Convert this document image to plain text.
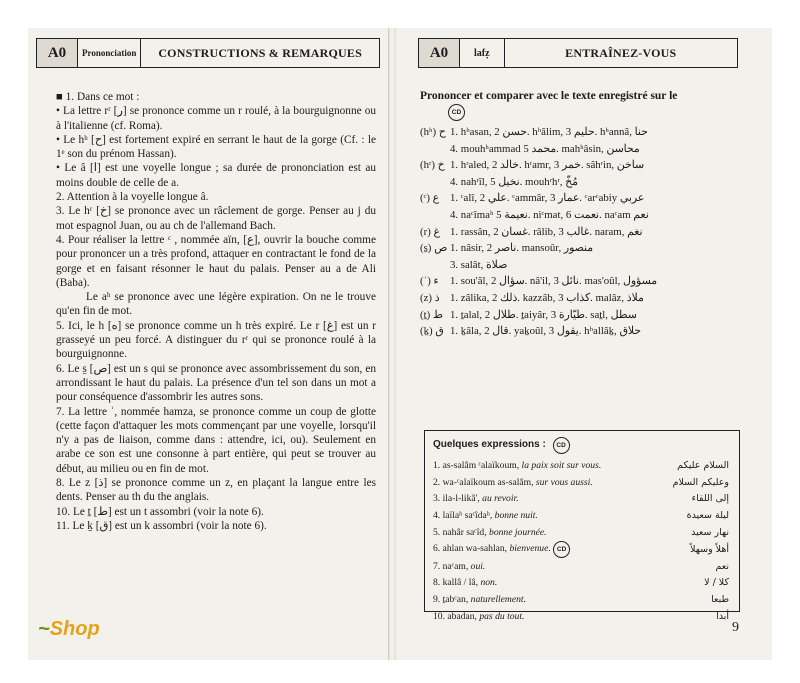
A0	Prononciation	CONSTRUCTIONS & REMARQUES

■ 1. Dans ce mot :

• La lettre rʳ [ر] se prononce comme un r roulé, à la bourguignonne ou à l'italienne (cf. Roma).

• Le hʰ [ح] est fortement expiré en serrant le haut de la gorge (Cf. : le 1ᵉ son du prénom Hassan).

• Le â [ا] est une voyelle longue ; sa durée de prononciation est au moins double de celle de a.

2. Attention à la voyelle longue â.

3. Le hʳ [خ] se prononce avec un râclement de gorge. Penser au j du mot espagnol Juan, ou au ch de l'allemand Bach.

4. Pour réaliser la lettre ᶜ , nommée aïn, [ع], ouvrir la bouche comme pour prononcer un a très profond, attaquer en contractant le fond de la gorge et en faisant résonner le haut du palais. Penser au a de Ali (Baba).

Le aʰ se prononce avec une légère expiration. On ne le trouve qu'en fin de mot.

5. Ici, le h [ه] se prononce comme un h très expiré. Le r [غ] est un r grasseyé un peu forcé. A distinguer du rʳ qui se prononce roulé à la bourguignonne.

6. Le s̱ [ص] est un s qui se prononce avec assombrissement du son, en arrondissant le haut du palais. La présence d'un tel son dans un mot a pour conséquence d'assombrir les autres sons.

7. La lettre ʾ, nommée hamza, se prononce comme un coup de glotte (cette façon d'attaquer les mots commençant par une voyelle, lorsqu'il n'y a pas de liaison, comme dans : attendre, ici, ou). Seulement en arabe ce son est une consonne à part entière, qui peut se trouver au début, au milieu ou en fin de mot.

8. Le z [ذ] se prononce comme un z, en plaçant la langue entre les dents. Penser au th du the anglais.

10. Le ṯ [ط] est un t assombri (voir la note 6).

11. Le ḵ [ق] est un k assombri (voir la note 6).

A0	lafẓ	ENTRAÎNEZ-VOUS
Prononcer et comparer avec le texte enregistré sur le
CD
(hʰ) ح 1. hʰasan, حسن 2. hʰâlim, حليم 3. hʰannâ, حنا
4. mouhʰammad محمد 5. mahʰâsin, محاسن
(hʳ) خ 1. hʳaled, خالد 2. hʳamr, خمر 3. sâhʳin, ساخن
4. nahʳîl, نخيل 5. mouhʳhʳ, مُخّ
(ᶜ) ع	1. ᶜalî, علي 2. ᶜammâr, عمار 3. ᶜarᶜabiy عربي
4. naᶜîmaʰ نعيمة 5. niᶜmat, نعمت 6. naᶜam نعم
(r) غ 1. rassân, غسان 2. râlib, غالب 3. naram, نغم
(s̱) ص 1. nâsir, ناصر 2. mansoûr, منصور
3. salât, صلاة
(ʾ) ء	1. sou'âl, سؤال 2. nâ'il, نائل 3. mas'oûl, مسؤول
(z) ذ 1. zâlika, ذلك 2. kazzâb, كذاب 3. malâz, ملاذ
(ṯ) ط 1. ṯalal, طلال 2. ṯaiyâr, طيّارة 3. saṯl, سطل
(ḵ) ق 1. ḵâla, قال 2. yaḵoûl, يقول 3. hʰallâḵ, حلاق
Quelques expressions : CD
1. as-salâm ᶜalaïkoum, la paix soit sur vous.	السلام عليكم
2. wa-ᶜalaïkoum as-salâm, sur vous aussi.	وعليكم السلام
3. ila-l-likâ', au revoir.	إلى اللقاء
4. laïlaʰ saᶜîdaʰ, bonne nuit.	ليلة سعيدة
5. nahâr saᶜîd, bonne journée.	نهار سعيد
6. ahlan wa-sahlan, bienvenue. CD	أهلاً وسهلاً
7. naᶜam, oui.	نعم
8. kallâ / lâ, non.	كلا / لا
9. ṯabᶜan, naturellement.	طبعا
10. abadan, pas du tout.	أبدا
9
~Shop
